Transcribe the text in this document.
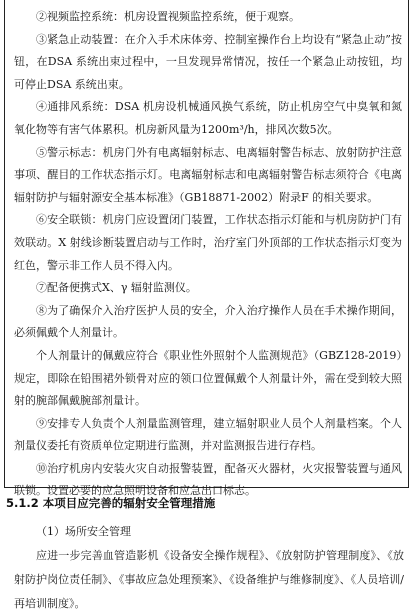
②视频监控系统：机房设置视频监控系统，便于观察。

③紧急止动装置：在介入手术床体旁、控制室操作台上均设有“紧急止动”按钮，在DSA 系统出束过程中，一旦发现异常情况，按任一个紧急止动按钮，均可停止DSA 系统出束。

④通排风系统：DSA 机房设机械通风换气系统，防止机房空气中臭氧和氮氧化物等有害气体累积。机房新风量为1200m³/h，排风次数5次。

⑤警示标志：机房门外有电离辐射标志、电离辐射警告标志、放射防护注意事项、醒目的工作状态指示灯。电离辐射标志和电离辐射警告标志须符合《电离辐射防护与辐射源安全基本标准》（GB18871-2002）附录F 的相关要求。

⑥安全联锁：机房门应设置闭门装置，工作状态指示灯能和与机房防护门有效联动。X 射线诊断装置启动与工作时，治疗室门外顶部的工作状态指示灯变为红色，警示非工作人员不得入内。

⑦配备便携式X、γ 辐射监测仪。

⑧为了确保介入治疗医护人员的安全，介入治疗操作人员在手术操作期间，必须佩戴个人剂量计。

个人剂量计的佩戴应符合《职业性外照射个人监测规范》（GBZ128-2019）规定，即除在铅围裙外锁骨对应的领口位置佩戴个人剂量计外，需在受到较大照射的腕部佩戴腕部剂量计。

⑨安排专人负责个人剂量监测管理，建立辐射职业人员个人剂量档案。个人剂量仪委托有资质单位定期进行监测，并对监测报告进行存档。

⑩治疗机房内安装火灾自动报警装置，配备灭火器材，火灾报警装置与通风联锁。设置必要的应急照明设备和应急出口标志。

5.1.2 本项目应完善的辐射安全管理措施

（1）场所安全管理

应进一步完善血管造影机《设备安全操作规程》、《放射防护管理制度》、《放射防护岗位责任制》、《事故应急处理预案》、《设备维护与维修制度》、《人员培训/再培训制度》。
